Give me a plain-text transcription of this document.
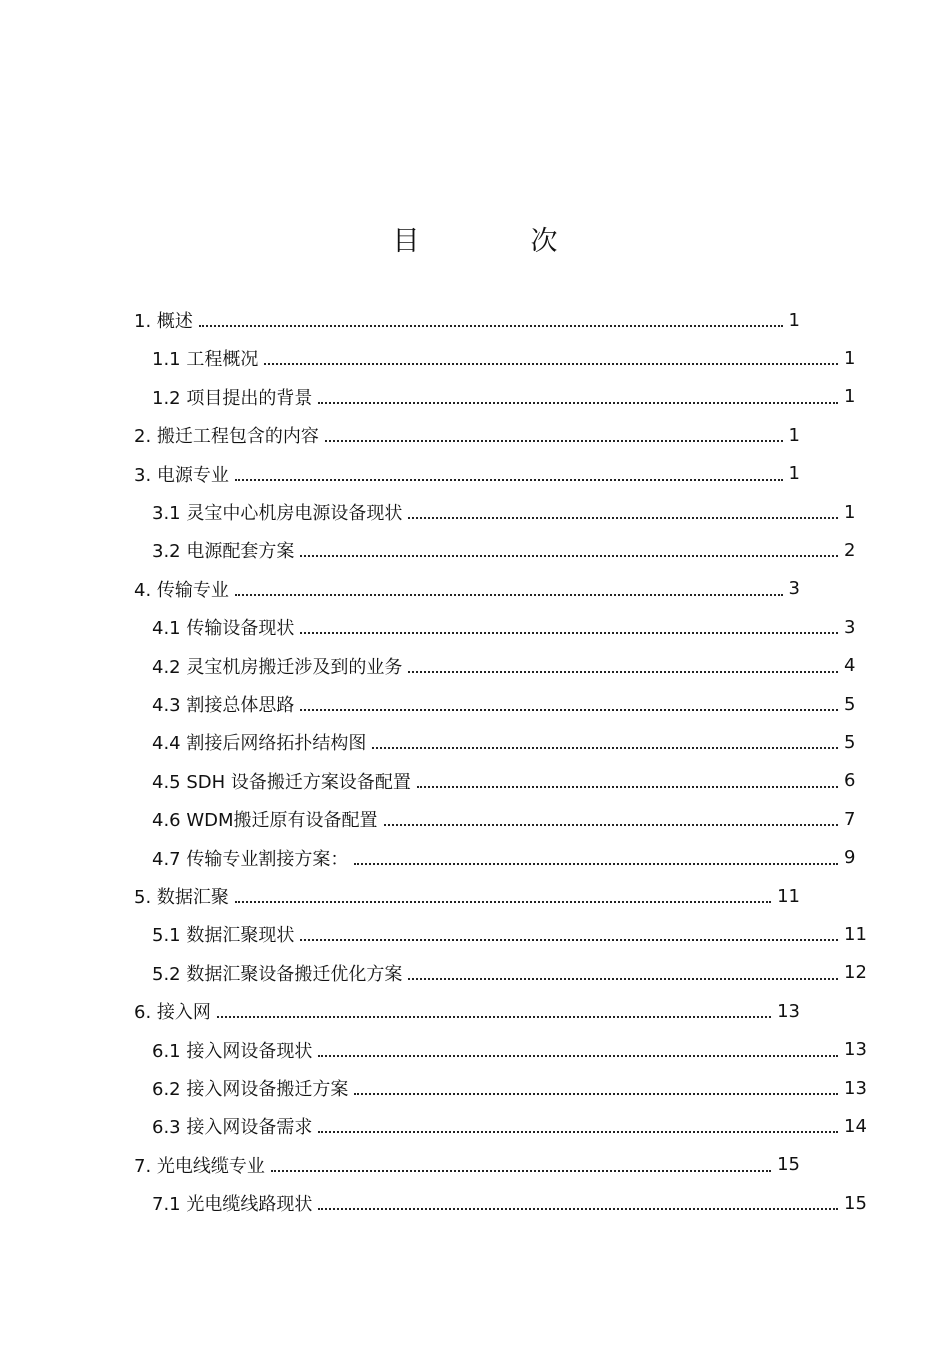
目　次
1. 概述	1
1.1 工程概况	1
1.2 项目提出的背景	1
2. 搬迁工程包含的内容	1
3. 电源专业	1
3.1 灵宝中心机房电源设备现状	1
3.2 电源配套方案	2
4. 传输专业	3
4.1 传输设备现状	3
4.2 灵宝机房搬迁涉及到的业务	4
4.3 割接总体思路	5
4.4 割接后网络拓扑结构图	5
4.5 SDH 设备搬迁方案设备配置	6
4.6 WDM搬迁原有设备配置	7
4.7 传输专业割接方案：	9
5. 数据汇聚	11
5.1 数据汇聚现状	11
5.2 数据汇聚设备搬迁优化方案	12
6. 接入网	13
6.1 接入网设备现状	13
6.2 接入网设备搬迁方案	13
6.3 接入网设备需求	14
7. 光电线缆专业	15
7.1 光电缆线路现状	15
